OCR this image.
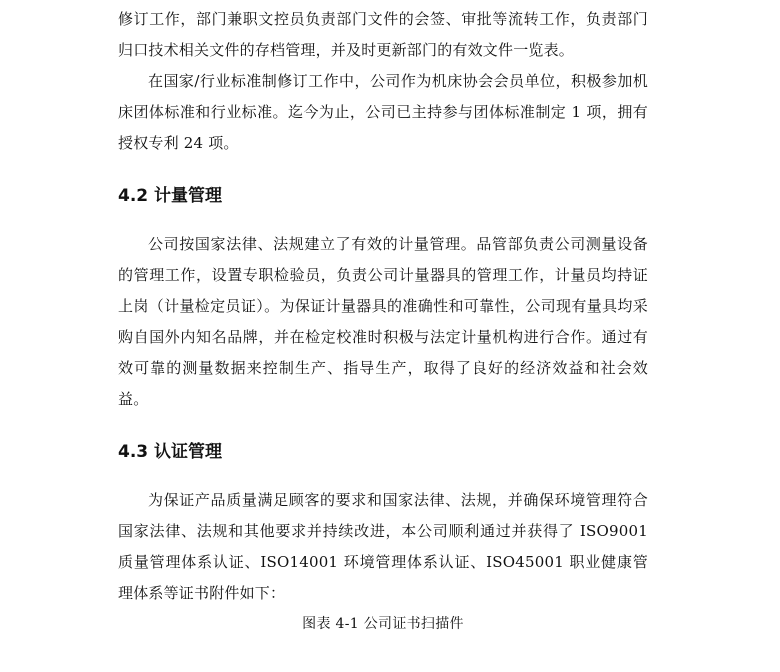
修订工作，部门兼职文控员负责部门文件的会签、审批等流转工作，负责部门归口技术相关文件的存档管理，并及时更新部门的有效文件一览表。

在国家/行业标准制修订工作中，公司作为机床协会会员单位，积极参加机床团体标准和行业标准。迄今为止，公司已主持参与团体标准制定 1 项，拥有授权专利 24 项。

4.2 计量管理

公司按国家法律、法规建立了有效的计量管理。品管部负责公司测量设备的管理工作，设置专职检验员，负责公司计量器具的管理工作，计量员均持证上岗（计量检定员证）。为保证计量器具的准确性和可靠性，公司现有量具均采购自国外内知名品牌，并在检定校准时积极与法定计量机构进行合作。通过有效可靠的测量数据来控制生产、指导生产，取得了良好的经济效益和社会效益。

4.3 认证管理

为保证产品质量满足顾客的要求和国家法律、法规，并确保环境管理符合国家法律、法规和其他要求并持续改进，本公司顺利通过并获得了 ISO9001 质量管理体系认证、ISO14001 环境管理体系认证、ISO45001 职业健康管理体系等证书附件如下：

图表 4-1 公司证书扫描件
